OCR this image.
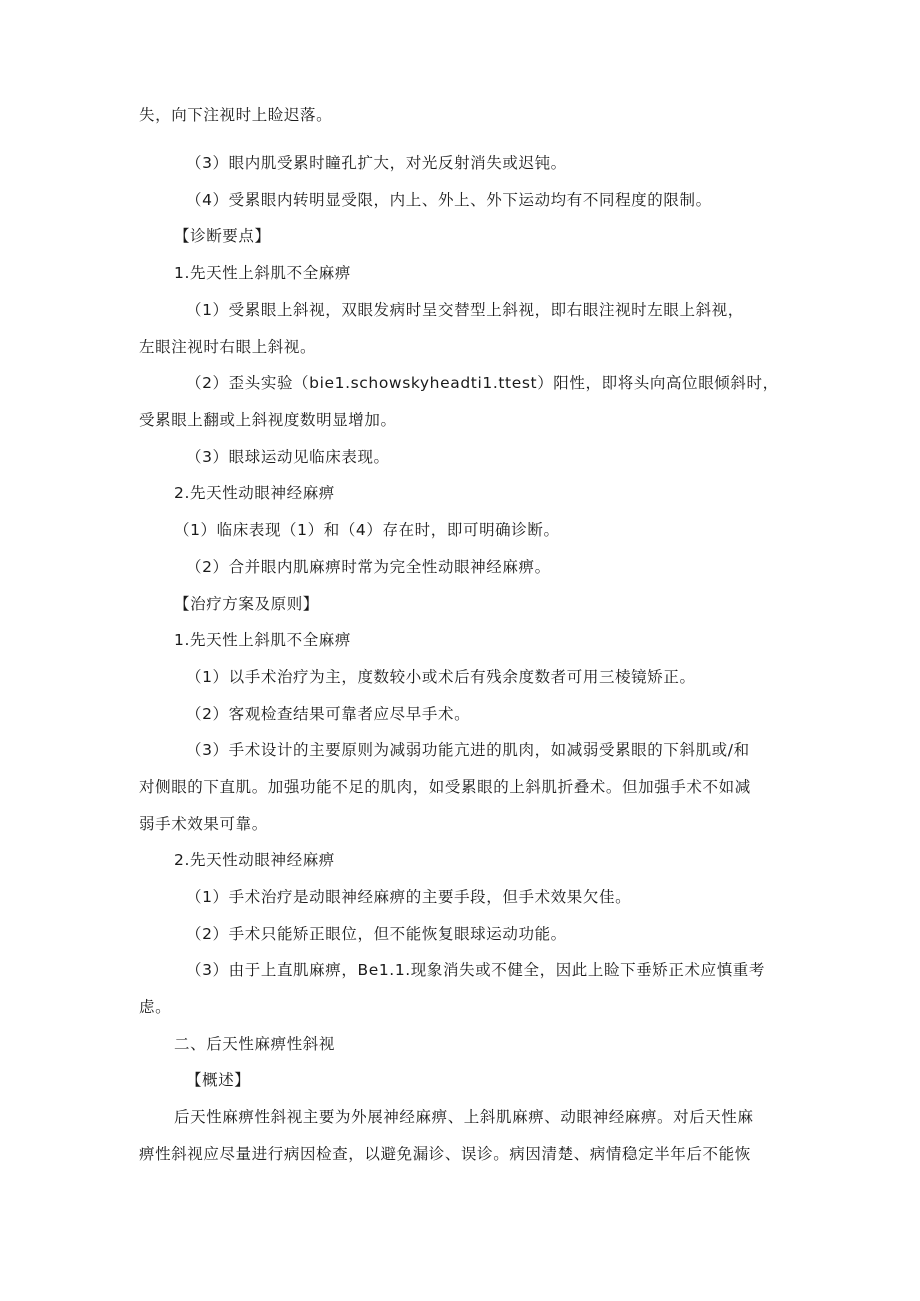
失，向下注视时上睑迟落。

（3）眼内肌受累时瞳孔扩大，对光反射消失或迟钝。

（4）受累眼内转明显受限，内上、外上、外下运动均有不同程度的限制。

【诊断要点】

1.先天性上斜肌不全麻痹

（1）受累眼上斜视，双眼发病时呈交替型上斜视，即右眼注视时左眼上斜视，

左眼注视时右眼上斜视。

（2）歪头实验（bie1.schowskyheadti1.ttest）阳性，即将头向高位眼倾斜时，

受累眼上翻或上斜视度数明显增加。

（3）眼球运动见临床表现。

2.先天性动眼神经麻痹

（1）临床表现（1）和（4）存在时，即可明确诊断。

（2）合并眼内肌麻痹时常为完全性动眼神经麻痹。

【治疗方案及原则】

1.先天性上斜肌不全麻痹

（1）以手术治疗为主，度数较小或术后有残余度数者可用三棱镜矫正。

（2）客观检查结果可靠者应尽早手术。

（3）手术设计的主要原则为减弱功能亢进的肌肉，如减弱受累眼的下斜肌或/和

对侧眼的下直肌。加强功能不足的肌肉，如受累眼的上斜肌折叠术。但加强手术不如减

弱手术效果可靠。

2.先天性动眼神经麻痹

（1）手术治疗是动眼神经麻痹的主要手段，但手术效果欠佳。

（2）手术只能矫正眼位，但不能恢复眼球运动功能。

（3）由于上直肌麻痹，Be1.1.现象消失或不健全，因此上睑下垂矫正术应慎重考

虑。

二、后天性麻痹性斜视

【概述】

后天性麻痹性斜视主要为外展神经麻痹、上斜肌麻痹、动眼神经麻痹。对后天性麻

痹性斜视应尽量进行病因检查，以避免漏诊、误诊。病因清楚、病情稳定半年后不能恢
